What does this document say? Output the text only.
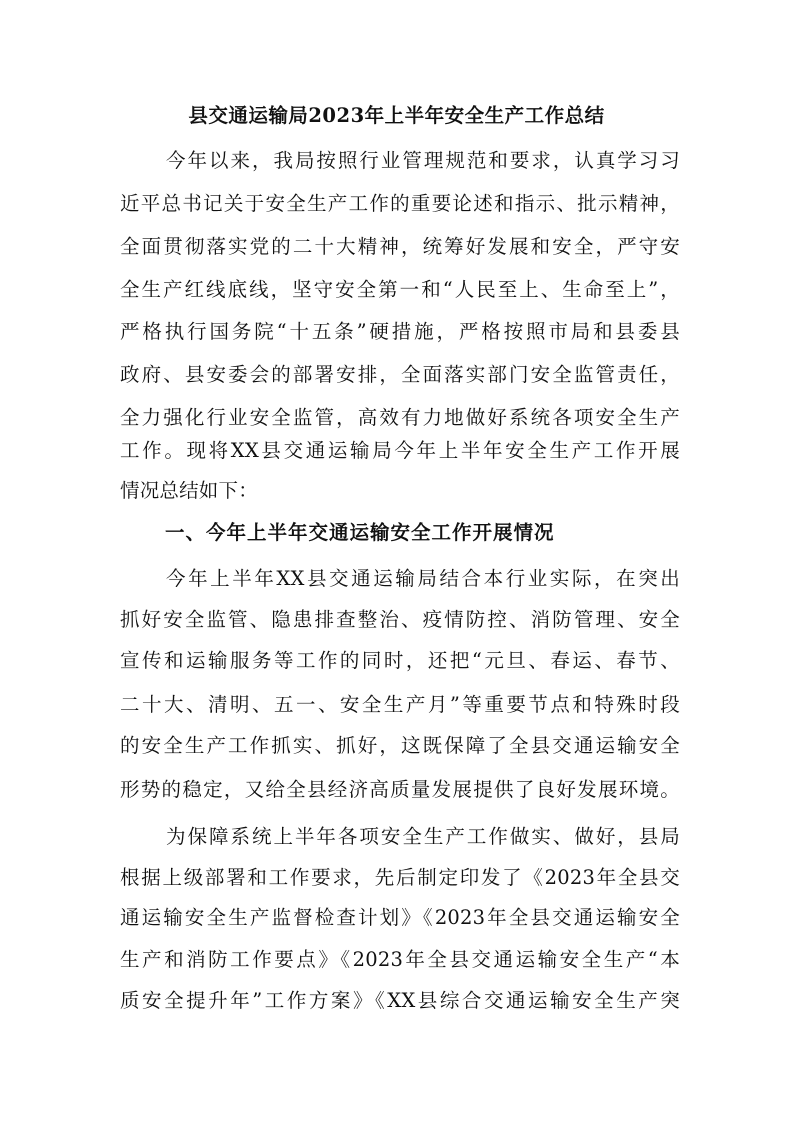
县交通运输局2023年上半年安全生产工作总结
今年以来，我局按照行业管理规范和要求，认真学习习
近平总书记关于安全生产工作的重要论述和指示、批示精神，
全面贯彻落实党的二十大精神，统筹好发展和安全，严守安
全生产红线底线，坚守安全第一和“人民至上、生命至上”，
严格执行国务院“十五条”硬措施，严格按照市局和县委县
政府、县安委会的部署安排，全面落实部门安全监管责任，
全力强化行业安全监管，高效有力地做好系统各项安全生产
工作。现将XX县交通运输局今年上半年安全生产工作开展
情况总结如下：
一、今年上半年交通运输安全工作开展情况
今年上半年XX县交通运输局结合本行业实际，在突出
抓好安全监管、隐患排查整治、疫情防控、消防管理、安全
宣传和运输服务等工作的同时，还把“元旦、春运、春节、
二十大、清明、五一、安全生产月”等重要节点和特殊时段
的安全生产工作抓实、抓好，这既保障了全县交通运输安全
形势的稳定，又给全县经济高质量发展提供了良好发展环境。
为保障系统上半年各项安全生产工作做实、做好，县局
根据上级部署和工作要求，先后制定印发了《2023年全县交
通运输安全生产监督检查计划》《2023年全县交通运输安全
生产和消防工作要点》《2023年全县交通运输安全生产“本
质安全提升年”工作方案》《XX县综合交通运输安全生产突
